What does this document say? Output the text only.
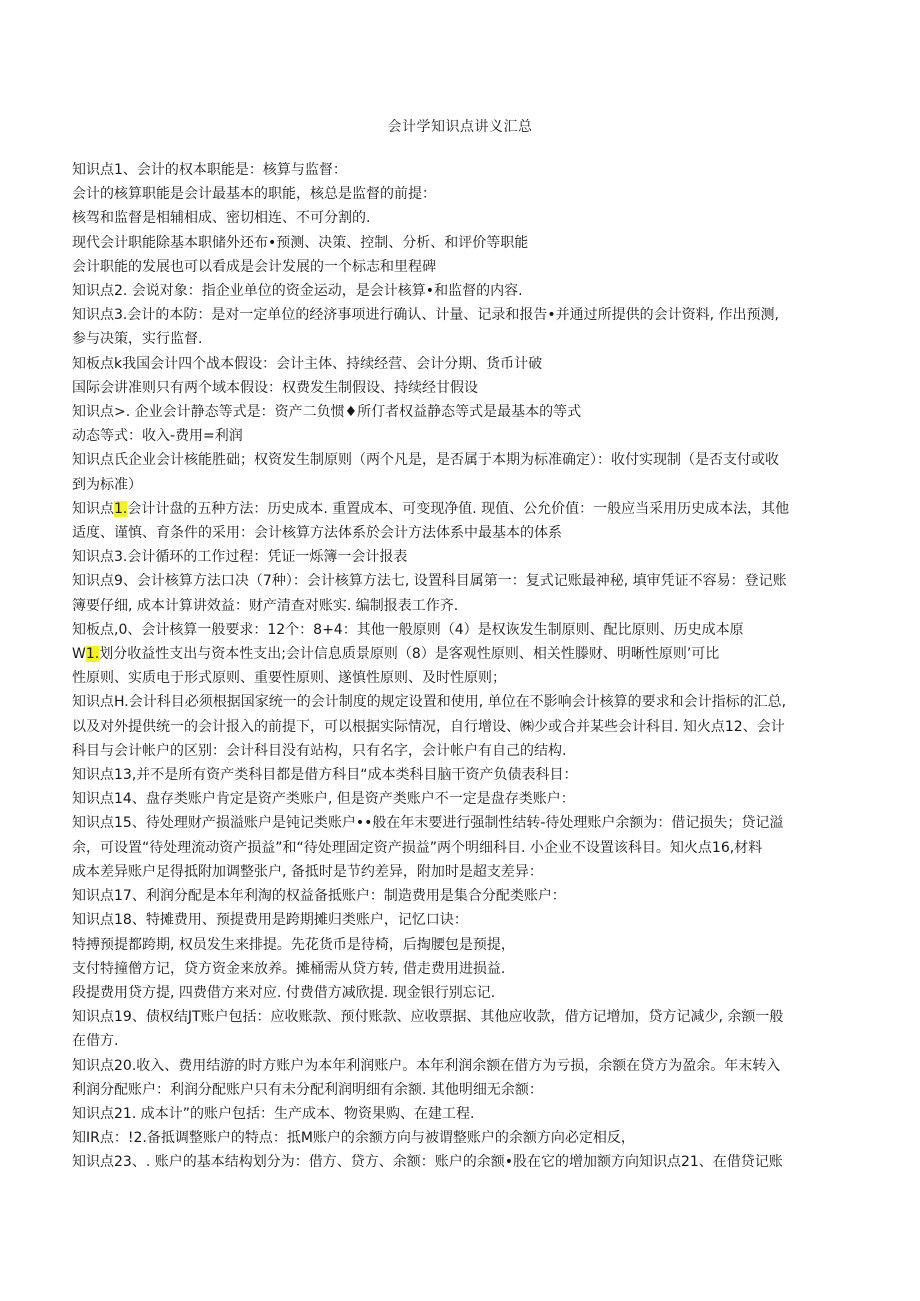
会计学知识点讲义汇总
知识点1、会计的权本职能是：核算与监督：
会计的核算职能是会计最基本的职能，核总是监督的前提：
核驾和监督是相辅相成、密切相连、不可分割的.
现代会计职能除基本职储外还布•预测、决策、控制、分析、和评价等职能
会计职能的发展也可以看成是会计发展的一个标志和里程碑
知识点2. 会说对象：指企业单位的资金运动，是会计核算•和监督的内容.
知识点3.会计的本防：是对一定单位的经济事项进行确认、计量、记录和报告•并通过所提供的会计资料, 作出预测,
参与决策，实行监督.
知板点k我国会计四个战本假设：会计主体、持续经营、会计分期、货币计破
国际会讲准则只有两个域本假设：权费发生制假设、持续经甘假设
知识点>. 企业会计静态等式是：资产二负惯♦所仃者权益静态等式是最基本的等式
动态等式：收入-费用=利润
知识点氏企业会计核能胜础；权资发生制原则（两个凡是，是否属于本期为标准确定）：收付实现制（是否支付或收
到为标准）
知识点1.会计计盘的五种方法：历史成本. 重置成本、可变现净值. 现值、公允价值：一般应当采用历史成本法，其他
适度、谨慎、育条件的采用：会计核算方法体系於会计方法体系中最基本的体系
知识点3.会计循环的工作过程：凭证一烁簿一会计报表
知识点9、会计核算方法口决（7种）：会计核算方法七, 设置科目属第一：复式记账最神秘, 填审凭证不容易：登记账
簿要仔细, 成本计算讲效益：财产清查对账实. 编制报表工作齐.
知板点,0、会计核算一般要求：12个：8+4：其他一般原则（4）是权诙发生制原则、配比原则、历史成本原
W1.划分收益性支出与资本性支出;会计信息质景原则（8）是客观性原则、相关性滕财、明晰性原则’可比
性原则、实质电于形式原则、重要性原则、遂慎性原则、及时性原则；
知识点H.会计科目必须根据国家统一的会计制度的规定设置和使用, 单位在不影响会计核算的要求和会计指标的汇总,
以及对外提供统一的会计报入的前提下，可以根据实际情况，自行增设、㈱少或合并某些会计科目. 知火点12、会计
科目与会计帐户的区别：会计科目没有站构，只有名字，会计帐户有自己的结构.
知识点13,并不是所有资产类科目都是借方科目“成本类科目脑干资产负债表科目：
知识点14、盘存类账户肯定是资产类账户, 但是资产类账户不一定是盘存类账户：
知识点15、待处理财产损溢账户是钝记类账户••般在年末要进行强制性结转-待处理账户余额为：借记损失；贷记溢
余，可设置“待处理流动资产损益”和“待处理固定资产损益”两个明细科目. 小企业不设置该科目。知火点16,材料
成本差异账户足得抵附加调整张户, 备抵时是节约差异，附加时是超支差异：
知识点17、利润分配是本年利淘的权益备抵账户：制造费用是集合分配类账户：
知识点18、特摊费用、预提费用是跨期摊归类账户，记忆口诀：
特搏预提都跨期, 权员发生来排提。先花货币是待椅，后掏腰包是预提，
支付特撞僧方记，贷方资金来放养。摊桶需从贷方转, 借走费用进损益.
段提费用贷方提, 四费借方来对应. 付费借方减欣提. 现金银行别忘记.
知识点19、债权结JT账户包括：应收账款、预付账款、应收票据、其他应收款，借方记增加，贷方记减少, 余额一般
在借方.
知识点20.收入、费用结游的时方账户为本年利润账户。本年利润余额在借方为亏损，余额在贷方为盈余。年末转入
利润分配账户：利润分配账户只有未分配利润明细有余额. 其他明细无余额：
知识点21. 成本计”的账户包括：生产成本、物资果购、在建工程.
知IR点：!2.备抵调整账户的特点：抵M账户的余额方向与被谓整账户的余额方向必定相反，
知识点23、. 账户的基本结构划分为：借方、贷方、余额：账户的余额•股在它的增加额方向知识点21、在借贷记账
